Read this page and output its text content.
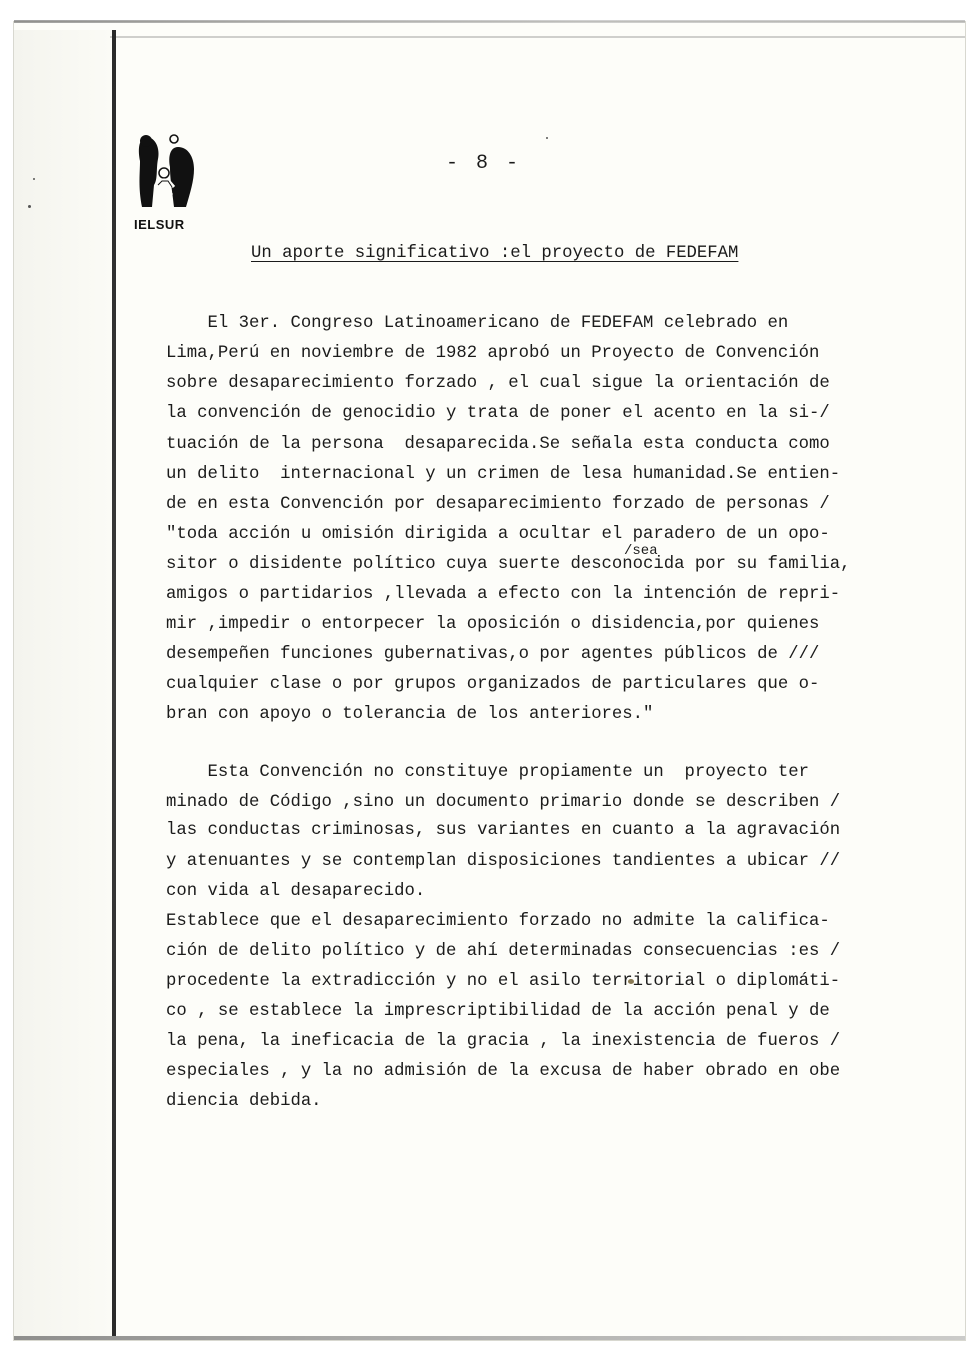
IELSUR
- 8 -
Un aporte significativo :el proyecto de FEDEFAM
El 3er. Congreso Latinoamericano de FEDEFAM celebrado en
Lima,Perú en noviembre de 1982 aprobó un Proyecto de Convención
sobre desaparecimiento forzado , el cual sigue la orientación de
la convención de genocidio y trata de poner el acento en la si-/
tuación de la persona  desaparecida.Se señala esta conducta como
un delito  internacional y un crimen de lesa humanidad.Se entien-
de en esta Convención por desaparecimiento forzado de personas /
"toda acción u omisión dirigida a ocultar el paradero de un opo-
/sea
sitor o disidente político cuya suerte desconocida por su familia,
amigos o partidarios ,llevada a efecto con la intención de repri-
mir ,impedir o entorpecer la oposición o disidencia,por quienes
desempeñen funciones gubernativas,o por agentes públicos de ///
cualquier clase o por grupos organizados de particulares que o-
bran con apoyo o tolerancia de los anteriores."
Esta Convención no constituye propiamente un  proyecto ter
minado de Código ,sino un documento primario donde se describen /
las conductas criminosas, sus variantes en cuanto a la agravación
y atenuantes y se contemplan disposiciones tandientes a ubicar //
con vida al desaparecido.
Establece que el desaparecimiento forzado no admite la califica-
ción de delito político y de ahí determinadas consecuencias :es /
procedente la extradicción y no el asilo territorial o diplomáti-
co , se establece la imprescriptibilidad de la acción penal y de
la pena, la ineficacia de la gracia , la inexistencia de fueros /
especiales , y la no admisión de la excusa de haber obrado en obe
diencia debida.
